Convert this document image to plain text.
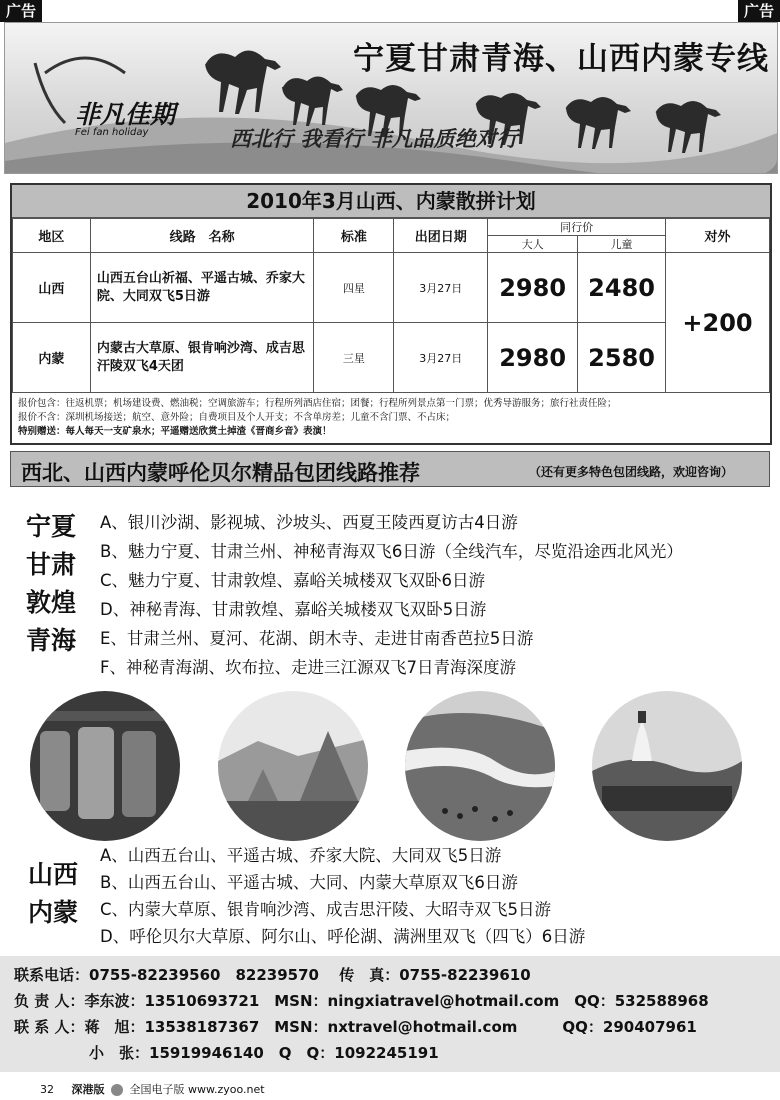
广告	广告
宁夏甘肃青海、山西内蒙专线
非凡佳期
Fei fan holiday	西北行 我看行 非凡品质绝对行
2010年3月山西、内蒙散拼计划
地区	线路　名称	标准	出团日期	同行价		对外
				大人	儿童	
山西	山西五台山祈福、平遥古城、乔家大院、大同双飞5日游	四星	3月27日	2980	2480	+200
内蒙	内蒙古大草原、银肯响沙湾、成吉思汗陵双飞4天团	三星	3月27日	2980	2580	
报价包含：往返机票；机场建设费、燃油税；空调旅游车；行程所列酒店住宿；团餐；行程所列景点第一门票；优秀导游服务；旅行社责任险；
报价不含：深圳机场接送；航空、意外险；自费项目及个人开支；不含单房差；儿童不含门票、不占床；
特别赠送：每人每天一支矿泉水；平遥赠送欣赏土掉渣《晋商乡音》表演！
西北、山西内蒙呼伦贝尔精品包团线路推荐	（还有更多特色包团线路，欢迎咨询）
宁夏
甘肃
敦煌
青海
A、银川沙湖、影视城、沙坡头、西夏王陵西夏访古4日游
B、魅力宁夏、甘肃兰州、神秘青海双飞6日游（全线汽车，尽览沿途西北风光）
C、魅力宁夏、甘肃敦煌、嘉峪关城楼双飞双卧6日游
D、神秘青海、甘肃敦煌、嘉峪关城楼双飞双卧5日游
E、甘肃兰州、夏河、花湖、朗木寺、走进甘南香芭拉5日游
F、神秘青海湖、坎布拉、走进三江源双飞7日青海深度游
山西
内蒙
A、山西五台山、平遥古城、乔家大院、大同双飞5日游
B、山西五台山、平遥古城、大同、内蒙大草原双飞6日游
C、内蒙大草原、银肯响沙湾、成吉思汗陵、大昭寺双飞5日游
D、呼伦贝尔大草原、阿尔山、呼伦湖、满洲里双飞（四飞）6日游
联系电话：0755-82239560　82239570　 传　真：0755-82239610
负 责 人：李东波：13510693721　MSN：ningxiatravel@hotmail.com　QQ：532588968
联 系 人：蒋　旭：13538187367　MSN：nxtravel@hotmail.com　　　QQ：290407961
　　　　　小　张：15919946140　Q　Q：1092245191
32 深港版 全国电子版 www.zyoo.net
